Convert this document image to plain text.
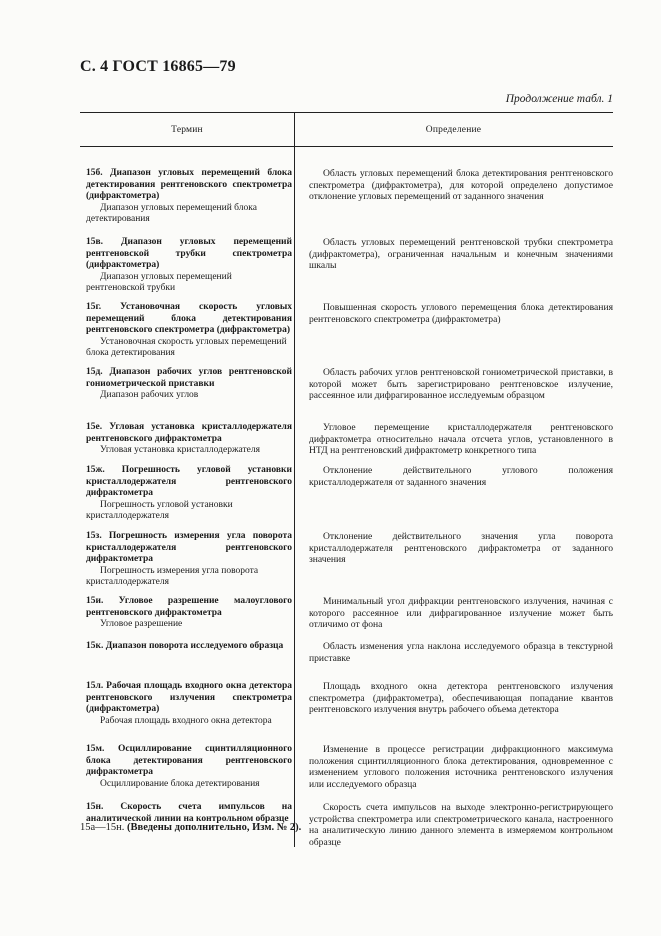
С. 4 ГОСТ 16865—79
Продолжение табл. 1
Термин	Определение
15б. Диапазон угловых перемещений блока детектирования рентгеновского спектрометра (дифрактометра)
Диапазон угловых перемещений блока детектирования
Область угловых перемещений блока детектирования рентгеновского спектрометра (дифрактометра), для которой определено допустимое отклонение угловых перемещений от заданного значения
15в. Диапазон угловых перемещений рентгеновской трубки спектрометра (дифрактометра)
Диапазон угловых перемещений рентгеновской трубки
Область угловых перемещений рентгеновской трубки спектрометра (дифрактометра), ограниченная начальным и конечным значениями шкалы
15г. Установочная скорость угловых перемещений блока детектирования рентгеновского спектрометра (дифрактометра)
Установочная скорость угловых перемещений блока детектирования
Повышенная скорость углового перемещения блока детектирования рентгеновского спектрометра (дифрактометра)
15д. Диапазон рабочих углов рентгеновской гониометрической приставки
Диапазон рабочих углов
Область рабочих углов рентгеновской гониометрической приставки, в которой может быть зарегистрировано рентгеновское излучение, рассеянное или дифрагированное исследуемым образцом
15е. Угловая установка кристаллодержателя рентгеновского дифрактометра
Угловая установка кристаллодержателя
Угловое перемещение кристаллодержателя рентгеновского дифрактометра относительно начала отсчета углов, установленного в НТД на рентгеновский дифрактометр конкретного типа
15ж. Погрешность угловой установки кристаллодержателя рентгеновского дифрактометра
Погрешность угловой установки кристаллодержателя
Отклонение действительного углового положения кристаллодержателя от заданного значения
15з. Погрешность измерения угла поворота кристаллодержателя рентгеновского дифрактометра
Погрешность измерения угла поворота кристаллодержателя
Отклонение действительного значения угла поворота кристаллодержателя рентгеновского дифрактометра от заданного значения
15и. Угловое разрешение малоуглового рентгеновского дифрактометра
Угловое разрешение
Минимальный угол дифракции рентгеновского излучения, начиная с которого рассеянное или дифрагированное излучение может быть отличимо от фона
15к. Диапазон поворота исследуемого образца	Область изменения угла наклона исследуемого образца в текстурной приставке
15л. Рабочая площадь входного окна детектора рентгеновского излучения спектрометра (дифрактометра)
Рабочая площадь входного окна детектора
Площадь входного окна детектора рентгеновского излучения спектрометра (дифрактометра), обеспечивающая попадание квантов рентгеновского излучения внутрь рабочего объема детектора
15м. Осциллирование сцинтилляционного блока детектирования рентгеновского дифрактометра
Осциллирование блока детектирования
Изменение в процессе регистрации дифракционного максимума положения сцинтилляционного блока детектирования, одновременное с изменением углового положения источника рентгеновского излучения или исследуемого образца
15н. Скорость счета импульсов на аналитической линии на контрольном образце
Скорость счета импульсов на выходе электронно-регистрирующего устройства спектрометра или спектрометрического канала, настроенного на аналитическую линию данного элемента в измеряемом контрольном образце
15а—15н. (Введены дополнительно, Изм. № 2).
